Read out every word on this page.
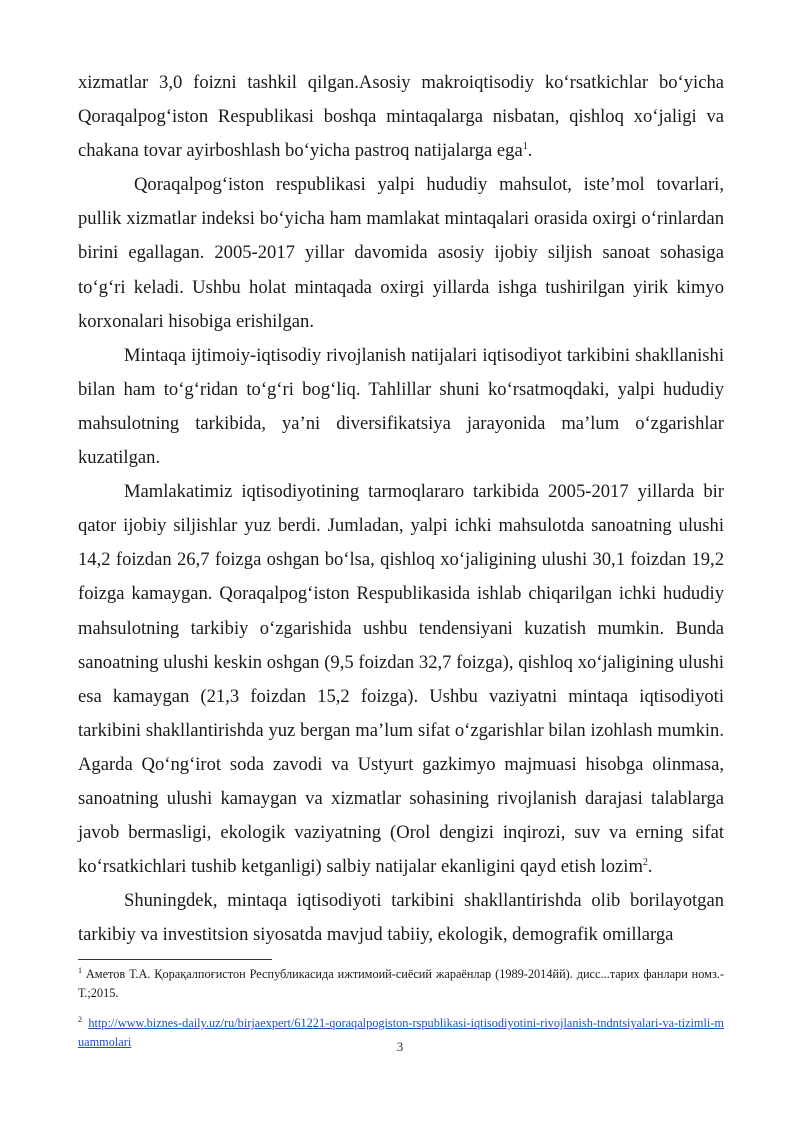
xizmatlar 3,0 foizni tashkil qilgan.Asosiy makroiqtisodiy koʻrsatkichlar boʻyicha Qoraqalpogʻiston Respublikasi boshqa mintaqalarga nisbatan, qishloq xoʻjaligi va chakana tovar ayirboshlash boʻyicha pastroq natijalarga ega$^1$.

Qoraqalpogʻiston respublikasi yalpi hududiy mahsulot, isteʼmol tovarlari, pullik xizmatlar indeksi boʻyicha ham mamlakat mintaqalari orasida oxirgi oʻrinlardan birini egallagan. 2005-2017 yillar davomida asosiy ijobiy siljish sanoat sohasiga toʻgʻri keladi. Ushbu holat mintaqada oxirgi yillarda ishga tushirilgan yirik kimyo korxonalari hisobiga erishilgan.

Mintaqa ijtimoiy-iqtisodiy rivojlanish natijalari iqtisodiyot tarkibini shakllanishi bilan ham toʻgʻridan toʻgʻri bogʻliq. Tahlillar shuni koʻrsatmoqdaki, yalpi hududiy mahsulotning tarkibida, yaʼni diversifikatsiya jarayonida maʼlum oʻzgarishlar kuzatilgan.

Mamlakatimiz iqtisodiyotining tarmoqlararo tarkibida 2005-2017 yillarda bir qator ijobiy siljishlar yuz berdi. Jumladan, yalpi ichki mahsulotda sanoatning ulushi 14,2 foizdan 26,7 foizga oshgan boʻlsa, qishloq xoʻjaligining ulushi 30,1 foizdan 19,2 foizga kamaygan. Qoraqalpogʻiston Respublikasida ishlab chiqarilgan ichki hududiy mahsulotning tarkibiy oʻzgarishida ushbu tendensiyani kuzatish mumkin. Bunda sanoatning ulushi keskin oshgan (9,5 foizdan 32,7 foizga), qishloq xoʻjaligining ulushi esa kamaygan (21,3 foizdan 15,2 foizga). Ushbu vaziyatni mintaqa iqtisodiyoti tarkibini shakllantirishda yuz bergan maʼlum sifat oʻzgarishlar bilan izohlash mumkin. Agarda Qoʻngʻirot soda zavodi va Ustyurt gazkimyo majmuasi hisobga olinmasa, sanoatning ulushi kamaygan va xizmatlar sohasining rivojlanish darajasi talablarga javob bermasligi, ekologik vaziyatning (Orol dengizi inqirozi, suv va erning sifat koʻrsatkichlari tushib ketganligi) salbiy natijalar ekanligini qayd etish lozim$^2$.

Shuningdek, mintaqa iqtisodiyoti tarkibini shakllantirishda olib borilayotgan tarkibiy va investitsion siyosatda mavjud tabiiy, ekologik, demografik omillarga

$^1$ Аметов Т.А. Қорақалпоғистон Республикасида ижтимоий-сиёсий жараёнлар (1989-2014йй). дисс...тарих фанлари номз.-Т.;2015.

$^2$ http://www.biznes-daily.uz/ru/birjaexpert/61221-qoraqalpogiston-rspublikasi-iqtisodiyotini-rivojlanish-tndntsiyalari-va-tizimli-muammolari	3
